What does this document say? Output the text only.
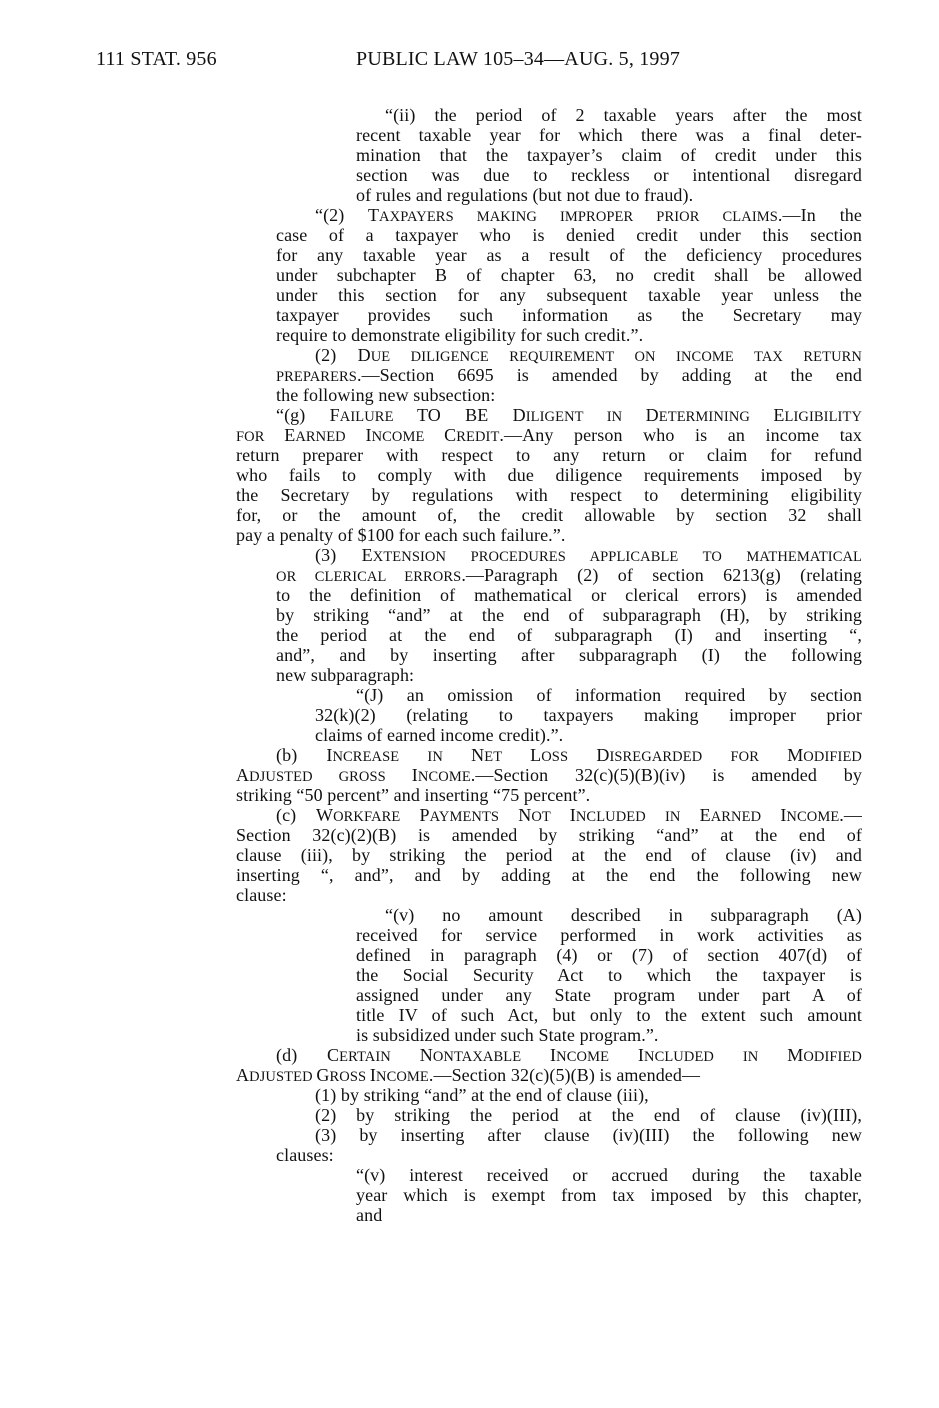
111 STAT. 956	PUBLIC LAW 105–34—AUG. 5, 1997
“(ii) the period of 2 taxable years after the most
recent taxable year for which there was a final deter-
mination that the taxpayer’s claim of credit under this
section was due to reckless or intentional disregard
of rules and regulations (but not due to fraud).
“(2) TAXPAYERS MAKING IMPROPER PRIOR CLAIMS.—In the
case of a taxpayer who is denied credit under this section
for any taxable year as a result of the deficiency procedures
under subchapter B of chapter 63, no credit shall be allowed
under this section for any subsequent taxable year unless the
taxpayer provides such information as the Secretary may
require to demonstrate eligibility for such credit.”.
(2) DUE DILIGENCE REQUIREMENT ON INCOME TAX RETURN
PREPARERS.—Section 6695 is amended by adding at the end
the following new subsection:
“(g) FAILURE TO BE DILIGENT IN DETERMINING ELIGIBILITY
FOR EARNED INCOME CREDIT.—Any person who is an income tax
return preparer with respect to any return or claim for refund
who fails to comply with due diligence requirements imposed by
the Secretary by regulations with respect to determining eligibility
for, or the amount of, the credit allowable by section 32 shall
pay a penalty of $100 for each such failure.”.
(3) EXTENSION PROCEDURES APPLICABLE TO MATHEMATICAL
OR CLERICAL ERRORS.—Paragraph (2) of section 6213(g) (relating
to the definition of mathematical or clerical errors) is amended
by striking “and” at the end of subparagraph (H), by striking
the period at the end of subparagraph (I) and inserting “,
and”, and by inserting after subparagraph (I) the following
new subparagraph:
“(J) an omission of information required by section
32(k)(2) (relating to taxpayers making improper prior
claims of earned income credit).”.
(b) INCREASE IN NET LOSS DISREGARDED FOR MODIFIED
ADJUSTED GROSS INCOME.—Section 32(c)(5)(B)(iv) is amended by
striking “50 percent” and inserting “75 percent”.
(c) WORKFARE PAYMENTS NOT INCLUDED IN EARNED INCOME.—
Section 32(c)(2)(B) is amended by striking “and” at the end of
clause (iii), by striking the period at the end of clause (iv) and
inserting “, and”, and by adding at the end the following new
clause:
“(v) no amount described in subparagraph (A)
received for service performed in work activities as
defined in paragraph (4) or (7) of section 407(d) of
the Social Security Act to which the taxpayer is
assigned under any State program under part A of
title IV of such Act, but only to the extent such amount
is subsidized under such State program.”.
(d) CERTAIN NONTAXABLE INCOME INCLUDED IN MODIFIED
ADJUSTED GROSS INCOME.—Section 32(c)(5)(B) is amended—
(1) by striking “and” at the end of clause (iii),
(2) by striking the period at the end of clause (iv)(III),
(3) by inserting after clause (iv)(III) the following new
clauses:
“(v) interest received or accrued during the taxable
year which is exempt from tax imposed by this chapter,
and
